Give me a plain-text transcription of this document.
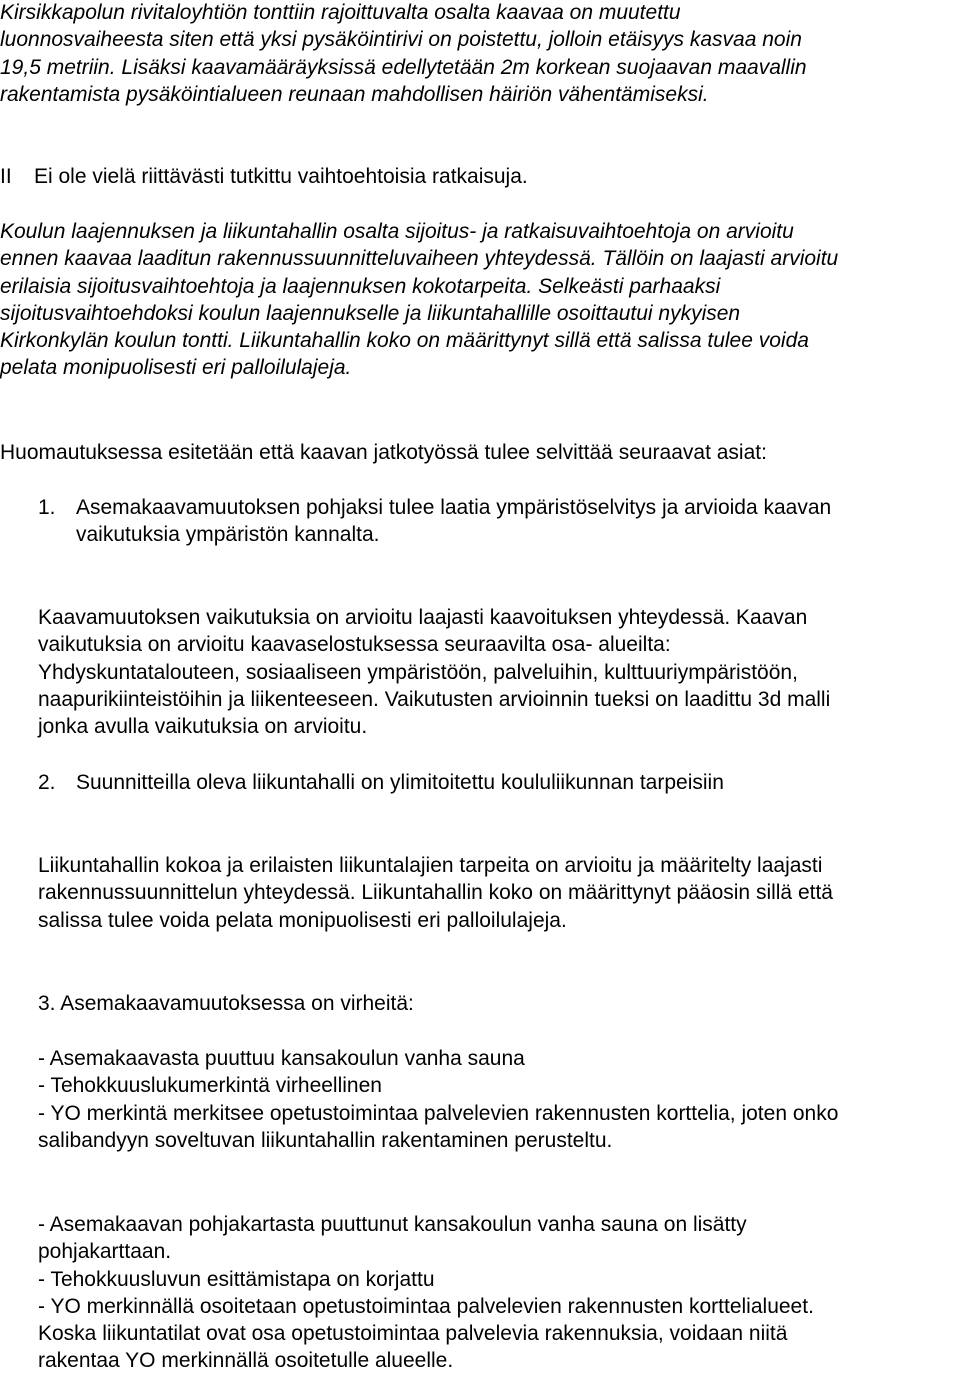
Kirsikkapolun rivitaloyhtiön tonttiin rajoittuvalta osalta kaavaa on muutettu
luonnosvaiheesta siten että yksi pysäköintirivi on poistettu, jolloin etäisyys kasvaa noin
19,5 metriin. Lisäksi kaavamääräyksissä edellytetään 2m korkean suojaavan maavallin
rakentamista pysäköintialueen reunaan mahdollisen häiriön vähentämiseksi.
II Ei ole vielä riittävästi tutkittu vaihtoehtoisia ratkaisuja.
Koulun laajennuksen ja liikuntahallin osalta sijoitus- ja ratkaisuvaihtoehtoja on arvioitu
ennen kaavaa laaditun rakennussuunnitteluvaiheen yhteydessä. Tällöin on laajasti arvioitu
erilaisia sijoitusvaihtoehtoja ja laajennuksen kokotarpeita. Selkeästi parhaaksi
sijoitusvaihtoehdoksi koulun laajennukselle ja liikuntahallille osoittautui nykyisen
Kirkonkylän koulun tontti. Liikuntahallin koko on määrittynyt sillä että salissa tulee voida
pelata monipuolisesti eri palloilulajeja.
Huomautuksessa esitetään että kaavan jatkotyössä tulee selvittää seuraavat asiat:
1. Asemakaavamuutoksen pohjaksi tulee laatia ympäristöselvitys ja arvioida kaavan
vaikutuksia ympäristön kannalta.
Kaavamuutoksen vaikutuksia on arvioitu laajasti kaavoituksen yhteydessä. Kaavan
vaikutuksia on arvioitu kaavaselostuksessa seuraavilta osa- alueilta:
Yhdyskuntatalouteen, sosiaaliseen ympäristöön, palveluihin, kulttuuriympäristöön,
naapurikiinteistöihin ja liikenteeseen. Vaikutusten arvioinnin tueksi on laadittu 3d malli
jonka avulla vaikutuksia on arvioitu.
2. Suunnitteilla oleva liikuntahalli on ylimitoitettu koululiikunnan tarpeisiin
Liikuntahallin kokoa ja erilaisten liikuntalajien tarpeita on arvioitu ja määritelty laajasti
rakennussuunnittelun yhteydessä. Liikuntahallin koko on määrittynyt pääosin sillä että
salissa tulee voida pelata monipuolisesti eri palloilulajeja.
3. Asemakaavamuutoksessa on virheitä:
- Asemakaavasta puuttuu kansakoulun vanha sauna
- Tehokkuuslukumerkintä virheellinen
- YO merkintä merkitsee opetustoimintaa palvelevien rakennusten korttelia, joten onko
salibandyyn soveltuvan liikuntahallin rakentaminen perusteltu.
- Asemakaavan pohjakartasta puuttunut kansakoulun vanha sauna on lisätty
pohjakarttaan.
- Tehokkuusluvun esittämistapa on korjattu
- YO merkinnällä osoitetaan opetustoimintaa palvelevien rakennusten korttelialueet.
Koska liikuntatilat ovat osa opetustoimintaa palvelevia rakennuksia, voidaan niitä
rakentaa YO merkinnällä osoitetulle alueelle.
